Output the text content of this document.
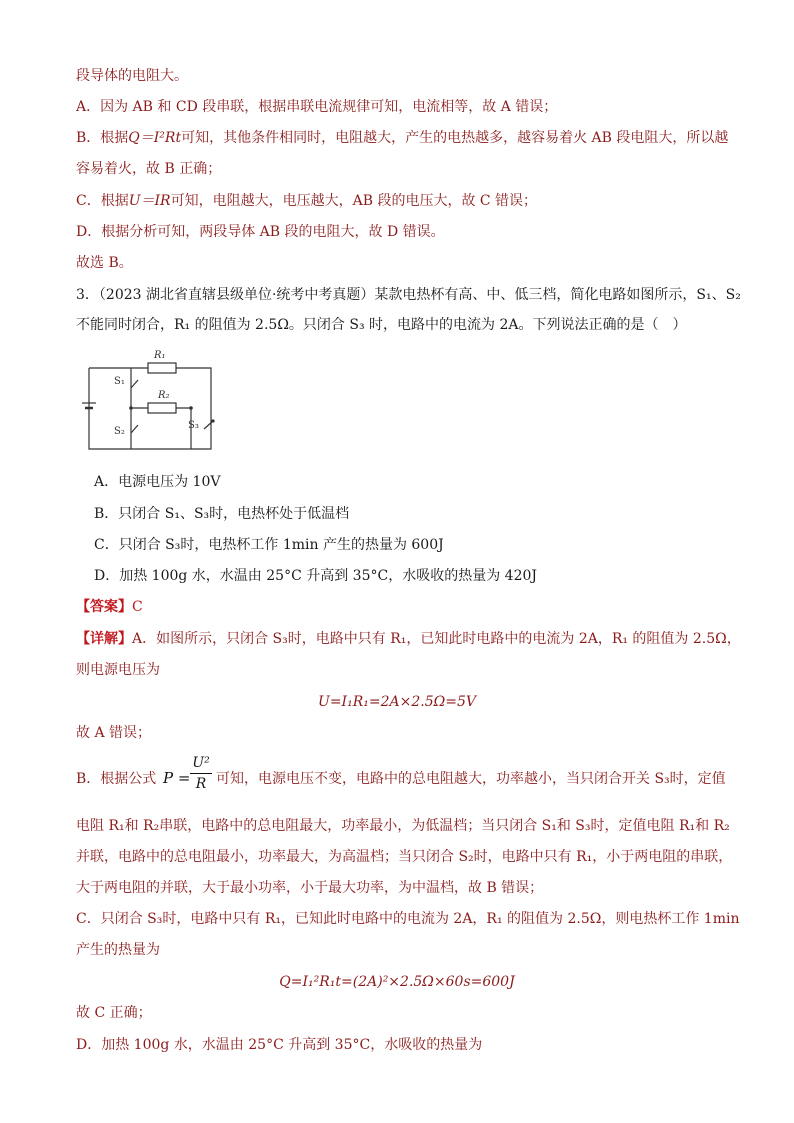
段导体的电阻大。
A．因为 AB 和 CD 段串联，根据串联电流规律可知，电流相等，故 A 错误；
B．根据Q＝I²Rt可知，其他条件相同时，电阻越大，产生的电热越多，越容易着火 AB 段电阻大，所以越
容易着火，故 B 正确；
C．根据U＝IR可知，电阻越大，电压越大，AB 段的电压大，故 C 错误；
D．根据分析可知，两段导体 AB 段的电阻大，故 D 错误。
故选 B。
3．（2023 湖北省直辖县级单位·统考中考真题）某款电热杯有高、中、低三档，简化电路如图所示，S₁、S₂
不能同时闭合，R₁ 的阻值为 2.5Ω。只闭合 S₃ 时，电路中的电流为 2A。下列说法正确的是（　）
R₁
R₂
S₁
S₂
S₃
A．电源电压为 10V
B．只闭合 S₁、S₃时，电热杯处于低温档
C．只闭合 S₃时，电热杯工作 1min 产生的热量为 600J
D．加热 100g 水，水温由 25°C 升高到 35°C，水吸收的热量为 420J
【答案】C
【详解】A．如图所示，只闭合 S₃时，电路中只有 R₁，已知此时电路中的电流为 2A，R₁ 的阻值为 2.5Ω，
则电源电压为
U=I₁R₁=2A×2.5Ω=5V
故 A 错误；
B．根据公式 P =
U²
R 可知，电源电压不变，电路中的总电阻越大，功率越小，当只闭合开关 S₃时，定值
电阻 R₁和 R₂串联，电路中的总电阻最大，功率最小，为低温档；当只闭合 S₁和 S₃时，定值电阻 R₁和 R₂
并联，电路中的总电阻最小，功率最大，为高温档；当只闭合 S₂时，电路中只有 R₁，小于两电阻的串联，
大于两电阻的并联，大于最小功率，小于最大功率，为中温档，故 B 错误；
C．只闭合 S₃时，电路中只有 R₁，已知此时电路中的电流为 2A，R₁ 的阻值为 2.5Ω，则电热杯工作 1min
产生的热量为
Q=I₁²R₁t=(2A)²×2.5Ω×60s=600J
故 C 正确；
D．加热 100g 水，水温由 25°C 升高到 35°C，水吸收的热量为
